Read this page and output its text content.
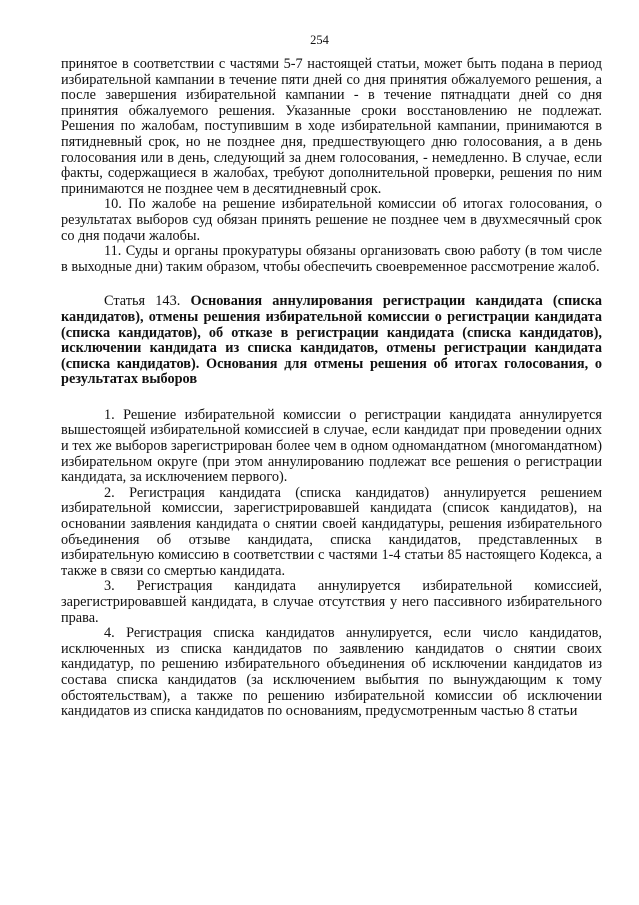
254

принятое в соответствии с частями 5-7 настоящей статьи, может быть подана в период избирательной кампании в течение пяти дней со дня принятия обжалуемого решения, а после завершения избирательной кампании - в течение пятнадцати дней со дня принятия обжалуемого решения. Указанные сроки восстановлению не подлежат. Решения по жалобам, поступившим в ходе избирательной кампании, принимаются в пятидневный срок, но не позднее дня, предшествующего дню голосования, а в день голосования или в день, следующий за днем голосования, - немедленно. В случае, если факты, содержащиеся в жалобах, требуют дополнительной проверки, решения по ним принимаются не позднее чем в десятидневный срок.

10. По жалобе на решение избирательной комиссии об итогах голосования, о результатах выборов суд обязан принять решение не позднее чем в двухмесячный срок со дня подачи жалобы.

11. Суды и органы прокуратуры обязаны организовать свою работу (в том числе в выходные дни) таким образом, чтобы обеспечить своевременное рассмотрение жалоб.

Статья 143. Основания аннулирования регистрации кандидата (списка кандидатов), отмены решения избирательной комиссии о регистрации кандидата (списка кандидатов), об отказе в регистрации кандидата (списка кандидатов), исключении кандидата из списка кандидатов, отмены регистрации кандидата (списка кандидатов). Основания для отмены решения об итогах голосования, о результатах выборов

1. Решение избирательной комиссии о регистрации кандидата аннулируется вышестоящей избирательной комиссией в случае, если кандидат при проведении одних и тех же выборов зарегистрирован более чем в одном одномандатном (многомандатном) избирательном округе (при этом аннулированию подлежат все решения о регистрации кандидата, за исключением первого).

2. Регистрация кандидата (списка кандидатов) аннулируется решением избирательной комиссии, зарегистрировавшей кандидата (список кандидатов), на основании заявления кандидата о снятии своей кандидатуры, решения избирательного объединения об отзыве кандидата, списка кандидатов, представленных в избирательную комиссию в соответствии с частями 1-4 статьи 85 настоящего Кодекса, а также в связи со смертью кандидата.

3. Регистрация кандидата аннулируется избирательной комиссией, зарегистрировавшей кандидата, в случае отсутствия у него пассивного избирательного права.

4. Регистрация списка кандидатов аннулируется, если число кандидатов, исключенных из списка кандидатов по заявлению кандидатов о снятии своих кандидатур, по решению избирательного объединения об исключении кандидатов из состава списка кандидатов (за исключением выбытия по вынуждающим к тому обстоятельствам), а также по решению избирательной комиссии об исключении кандидатов из списка кандидатов по основаниям, предусмотренным частью 8 статьи
